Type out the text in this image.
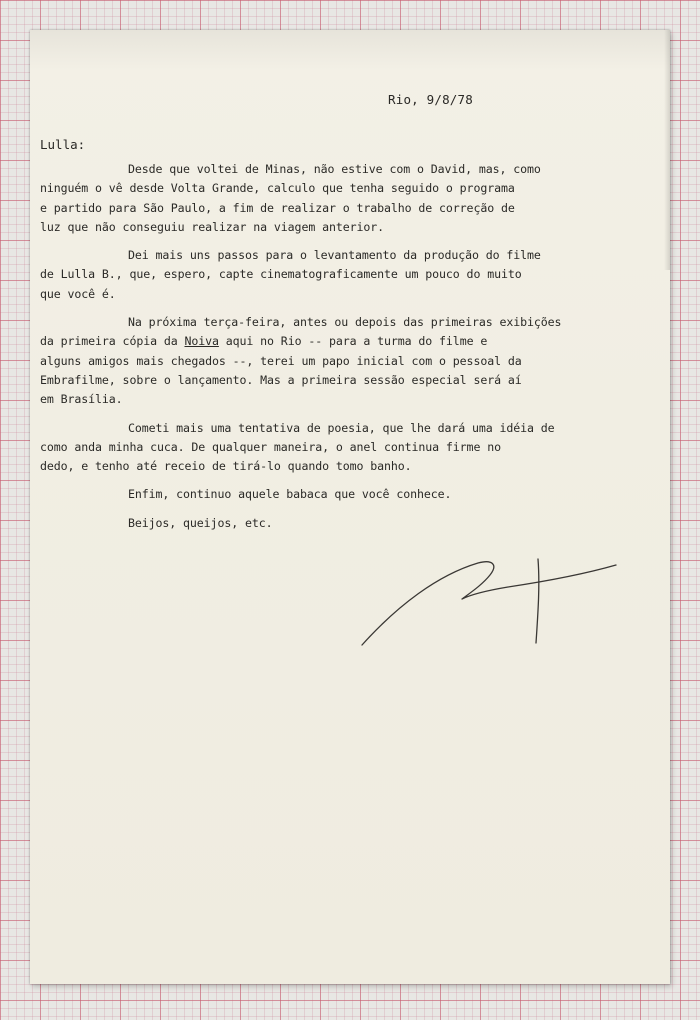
Rio, 9/8/78
Lulla:

Desde que voltei de Minas, não estive com o David, mas, como
ninguém o vê desde Volta Grande, calculo que tenha seguido o programa
e partido para São Paulo, a fim de realizar o trabalho de correção de
luz que não conseguiu realizar na viagem anterior.

Dei mais uns passos para o levantamento da produção do filme
de Lulla B., que, espero, capte cinematograficamente um pouco do muito
que você é.

Na próxima terça-feira, antes ou depois das primeiras exibições
da primeira cópia da Noiva aqui no Rio -- para a turma do filme e
alguns amigos mais chegados --, terei um papo inicial com o pessoal da
Embrafilme, sobre o lançamento. Mas a primeira sessão especial será aí
em Brasília.

Cometi mais uma tentativa de poesia, que lhe dará uma idéia de
como anda minha cuca. De qualquer maneira, o anel continua firme no
dedo, e tenho até receio de tirá-lo quando tomo banho.

Enfim, continuo aquele babaca que você conhece.

Beijos, queijos, etc.
